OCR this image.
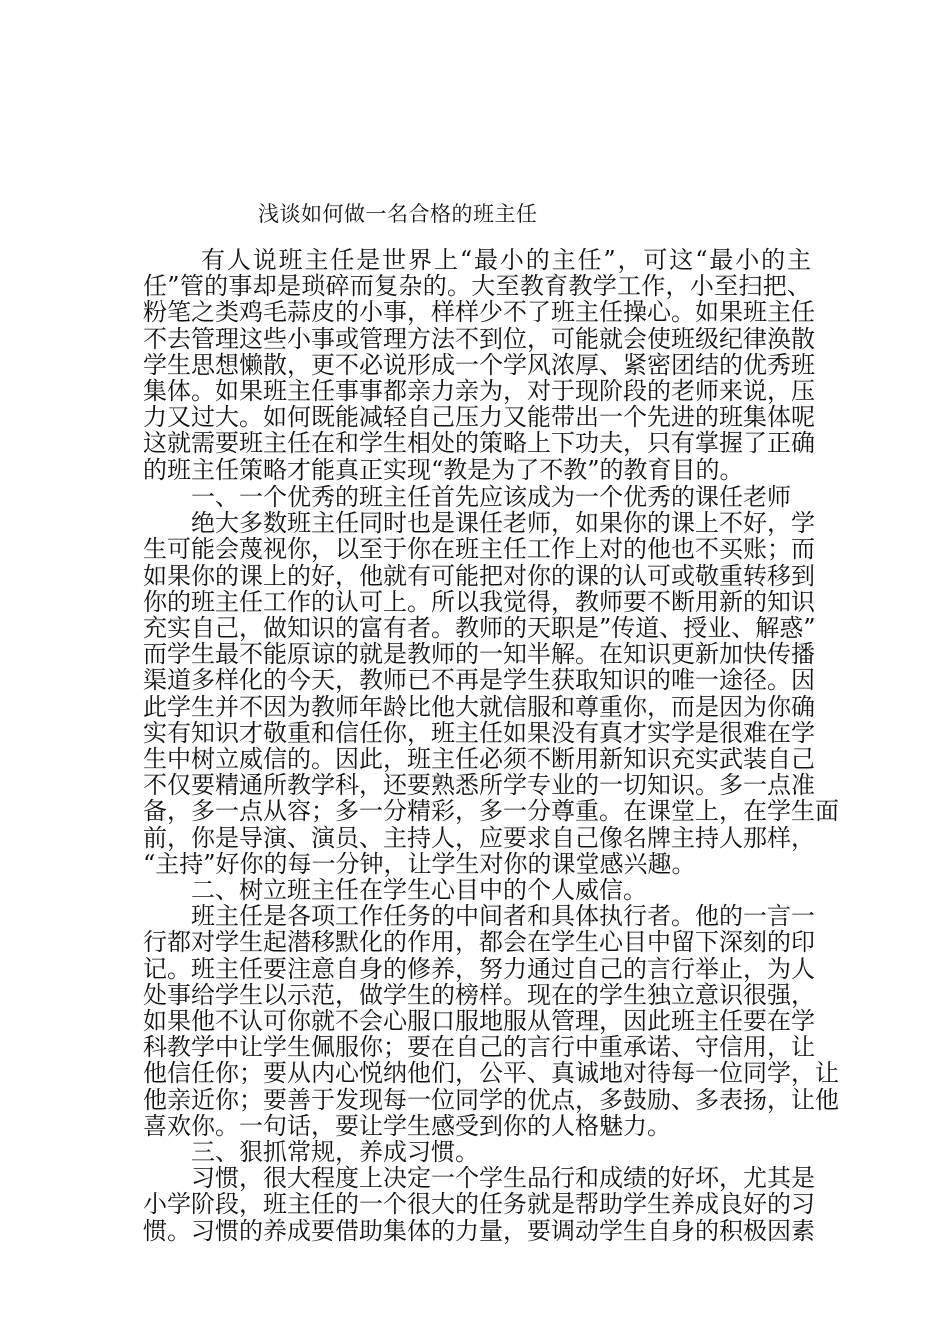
浅谈如何做一名合格的班主任
有人说班主任是世界上“最小的主任”，可这“最小的主
任”管的事却是琐碎而复杂的。大至教育教学工作，小至扫把、
粉笔之类鸡毛蒜皮的小事，样样少不了班主任操心。如果班主任
不去管理这些小事或管理方法不到位，可能就会使班级纪律涣散
学生思想懒散，更不必说形成一个学风浓厚、紧密团结的优秀班
集体。如果班主任事事都亲力亲为，对于现阶段的老师来说，压
力又过大。如何既能减轻自己压力又能带出一个先进的班集体呢
这就需要班主任在和学生相处的策略上下功夫，只有掌握了正确
的班主任策略才能真正实现“教是为了不教”的教育目的。
一、一个优秀的班主任首先应该成为一个优秀的课任老师
绝大多数班主任同时也是课任老师，如果你的课上不好，学
生可能会蔑视你，以至于你在班主任工作上对的他也不买账；而
如果你的课上的好，他就有可能把对你的课的认可或敬重转移到
你的班主任工作的认可上。所以我觉得，教师要不断用新的知识
充实自己，做知识的富有者。教师的天职是”传道、授业、解惑”
而学生最不能原谅的就是教师的一知半解。在知识更新加快传播
渠道多样化的今天，教师已不再是学生获取知识的唯一途径。因
此学生并不因为教师年龄比他大就信服和尊重你，而是因为你确
实有知识才敬重和信任你，班主任如果没有真才实学是很难在学
生中树立威信的。因此，班主任必须不断用新知识充实武装自己
不仅要精通所教学科，还要熟悉所学专业的一切知识。多一点准
备，多一点从容；多一分精彩，多一分尊重。在课堂上，在学生面
前，你是导演、演员、主持人，应要求自己像名牌主持人那样，
“主持”好你的每一分钟，让学生对你的课堂感兴趣。
二、树立班主任在学生心目中的个人威信。
班主任是各项工作任务的中间者和具体执行者。他的一言一
行都对学生起潜移默化的作用，都会在学生心目中留下深刻的印
记。班主任要注意自身的修养，努力通过自己的言行举止，为人
处事给学生以示范，做学生的榜样。现在的学生独立意识很强，
如果他不认可你就不会心服口服地服从管理，因此班主任要在学
科教学中让学生佩服你；要在自己的言行中重承诺、守信用，让
他信任你；要从内心悦纳他们，公平、真诚地对待每一位同学，让
他亲近你；要善于发现每一位同学的优点，多鼓励、多表扬，让他
喜欢你。一句话，要让学生感受到你的人格魅力。
三、狠抓常规，养成习惯。
习惯，很大程度上决定一个学生品行和成绩的好坏，尤其是
小学阶段，班主任的一个很大的任务就是帮助学生养成良好的习
惯。习惯的养成要借助集体的力量，要调动学生自身的积极因素
